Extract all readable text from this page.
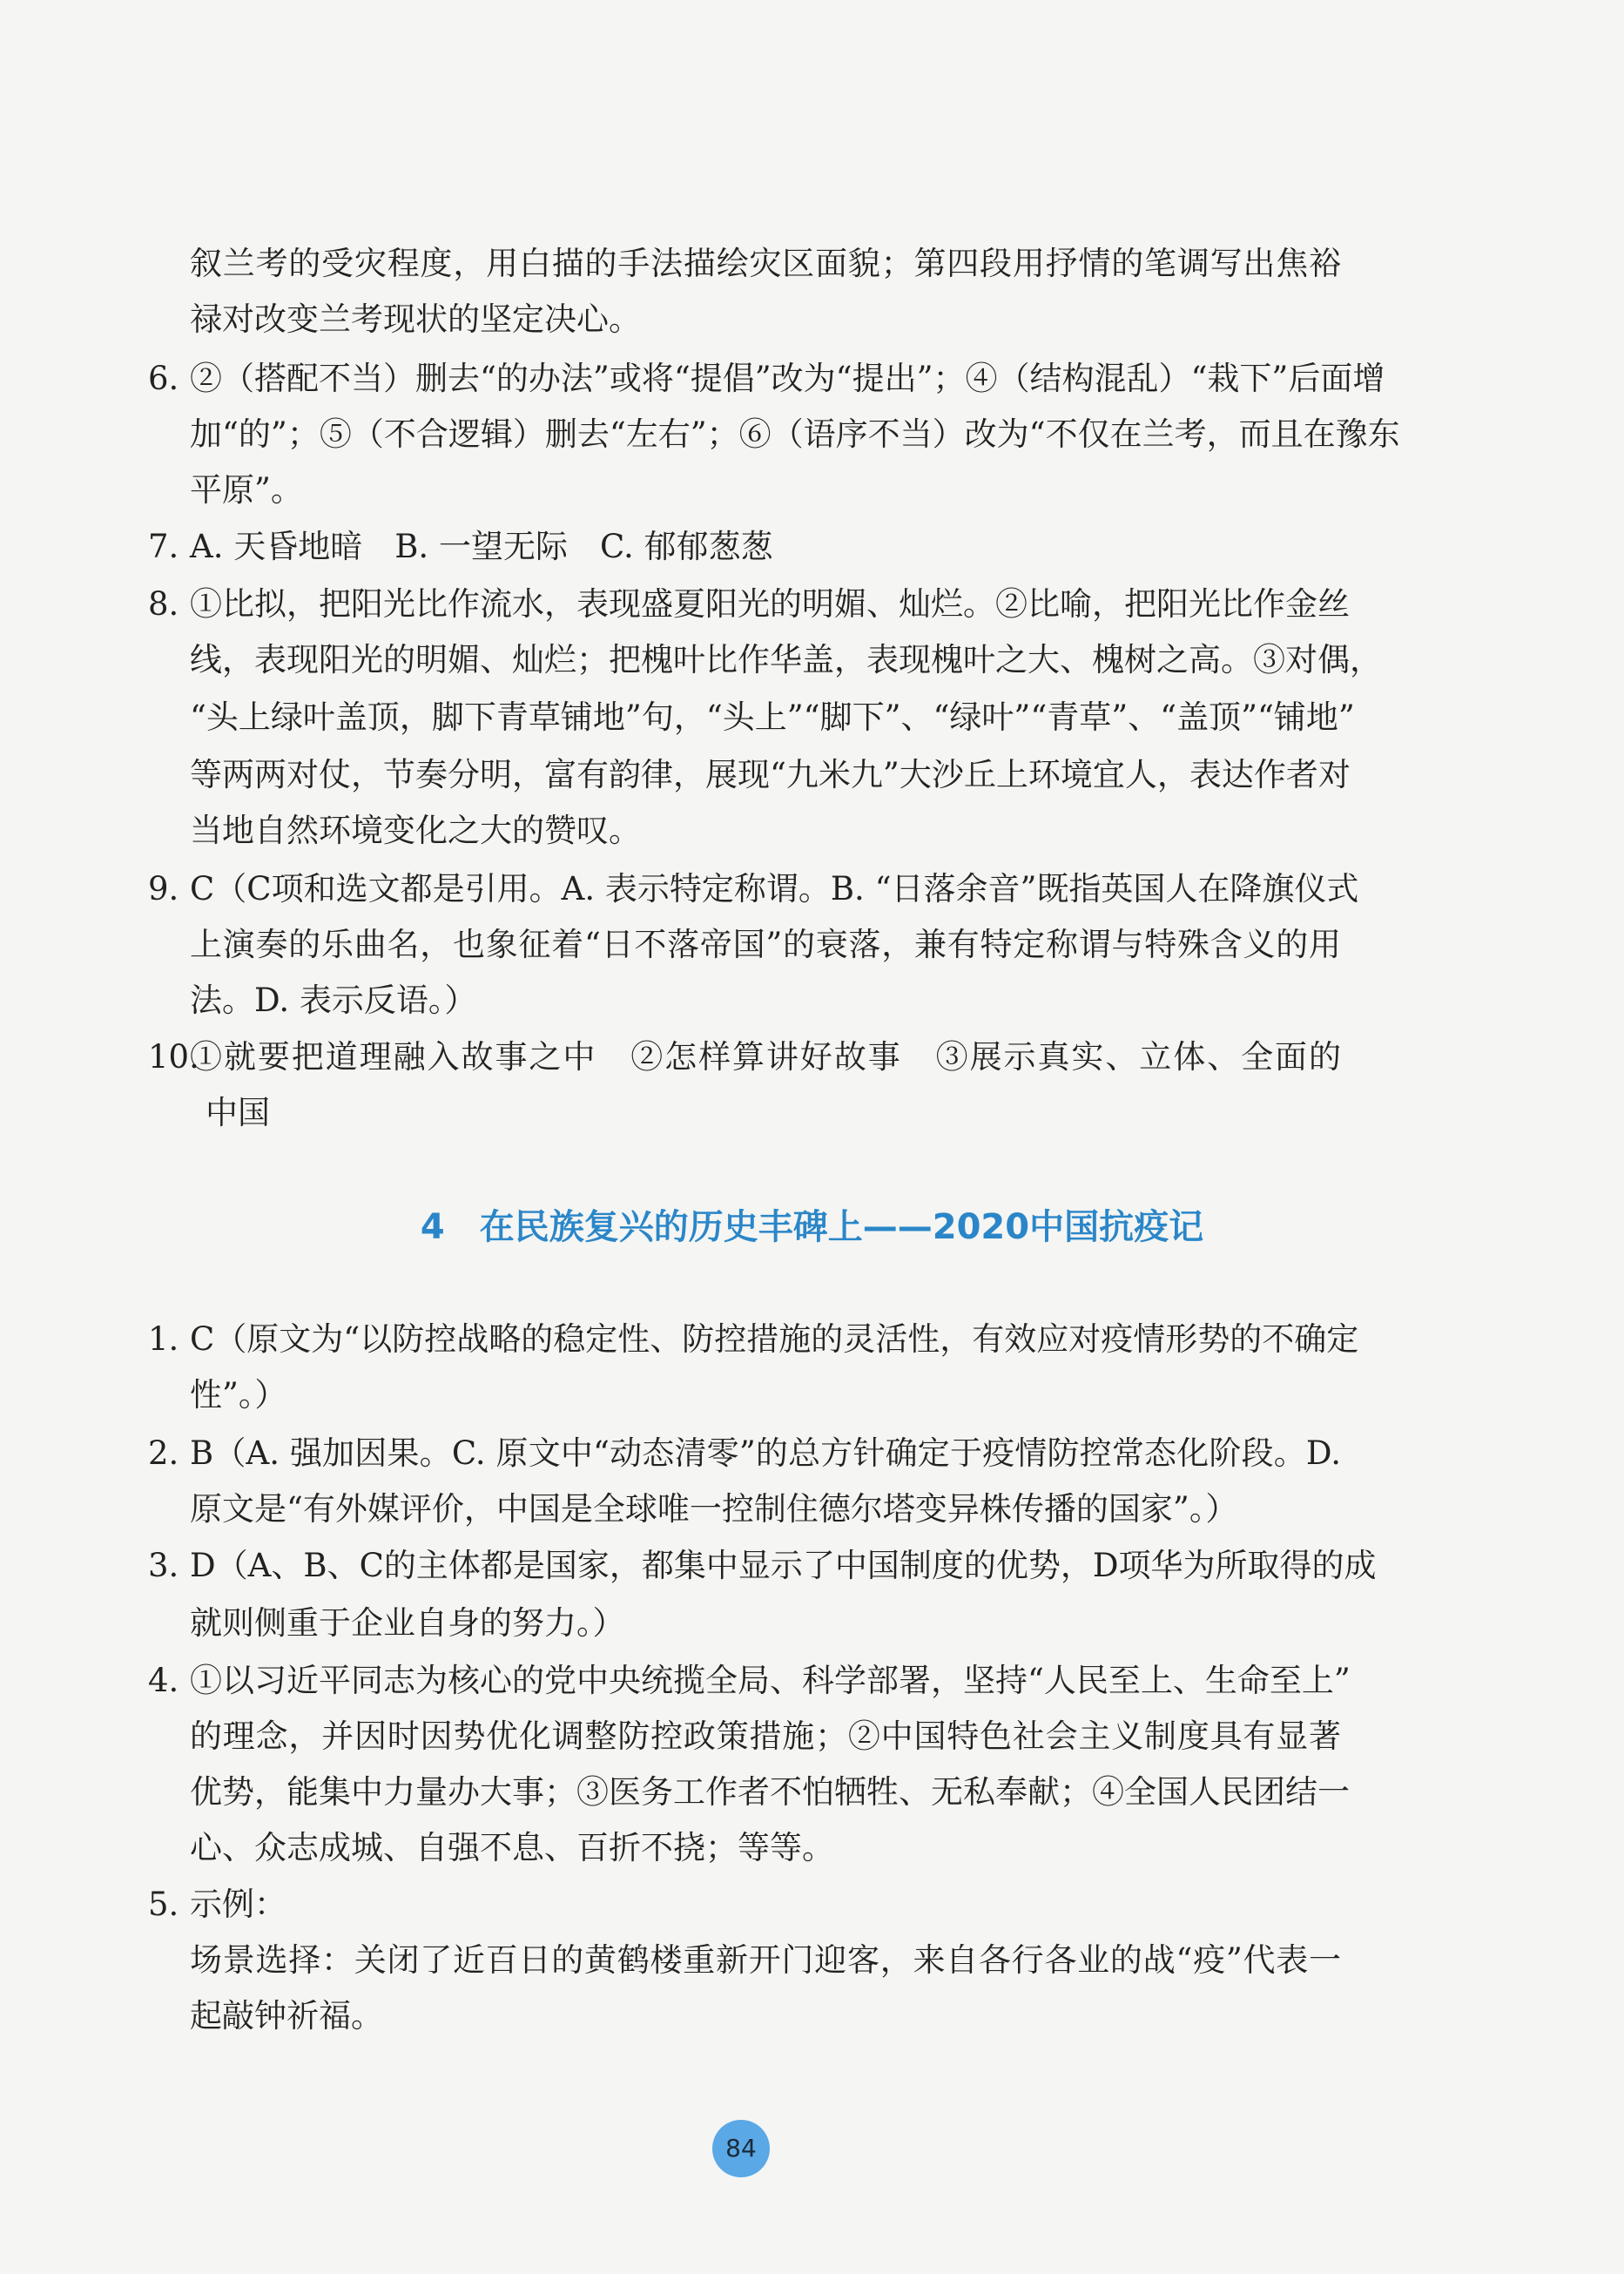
叙兰考的受灾程度，用白描的手法描绘灾区面貌；第四段用抒情的笔调写出焦裕
禄对改变兰考现状的坚定决心。
6. ②（搭配不当）删去“的办法”或将“提倡”改为“提出”；④（结构混乱）“栽下”后面增
加“的”；⑤（不合逻辑）删去“左右”；⑥（语序不当）改为“不仅在兰考，而且在豫东
平原”。
7. A. 天昏地暗　B. 一望无际　C. 郁郁葱葱
8. ①比拟，把阳光比作流水，表现盛夏阳光的明媚、灿烂。②比喻，把阳光比作金丝
线，表现阳光的明媚、灿烂；把槐叶比作华盖，表现槐叶之大、槐树之高。③对偶，
“头上绿叶盖顶，脚下青草铺地”句，“头上”“脚下”、“绿叶”“青草”、“盖顶”“铺地”
等两两对仗，节奏分明，富有韵律，展现“九米九”大沙丘上环境宜人，表达作者对
当地自然环境变化之大的赞叹。
9. C（C项和选文都是引用。A. 表示特定称谓。B. “日落余音”既指英国人在降旗仪式
上演奏的乐曲名，也象征着“日不落帝国”的衰落，兼有特定称谓与特殊含义的用
法。D. 表示反语。）
10.
①就要把道理融入故事之中　②怎样算讲好故事　③展示真实、立体、全面的
中国
4 在民族复兴的历史丰碑上——2020中国抗疫记
1. C（原文为“以防控战略的稳定性、防控措施的灵活性，有效应对疫情形势的不确定
性”。）
2. B（A. 强加因果。C. 原文中“动态清零”的总方针确定于疫情防控常态化阶段。D.
原文是“有外媒评价，中国是全球唯一控制住德尔塔变异株传播的国家”。）
3. D（A、B、C的主体都是国家，都集中显示了中国制度的优势，D项华为所取得的成
就则侧重于企业自身的努力。）
4. ①以习近平同志为核心的党中央统揽全局、科学部署，坚持“人民至上、生命至上”
的理念，并因时因势优化调整防控政策措施；②中国特色社会主义制度具有显著
优势，能集中力量办大事；③医务工作者不怕牺牲、无私奉献；④全国人民团结一
心、众志成城、自强不息、百折不挠；等等。
5. 示例：
场景选择：关闭了近百日的黄鹤楼重新开门迎客，来自各行各业的战“疫”代表一
起敲钟祈福。
84
